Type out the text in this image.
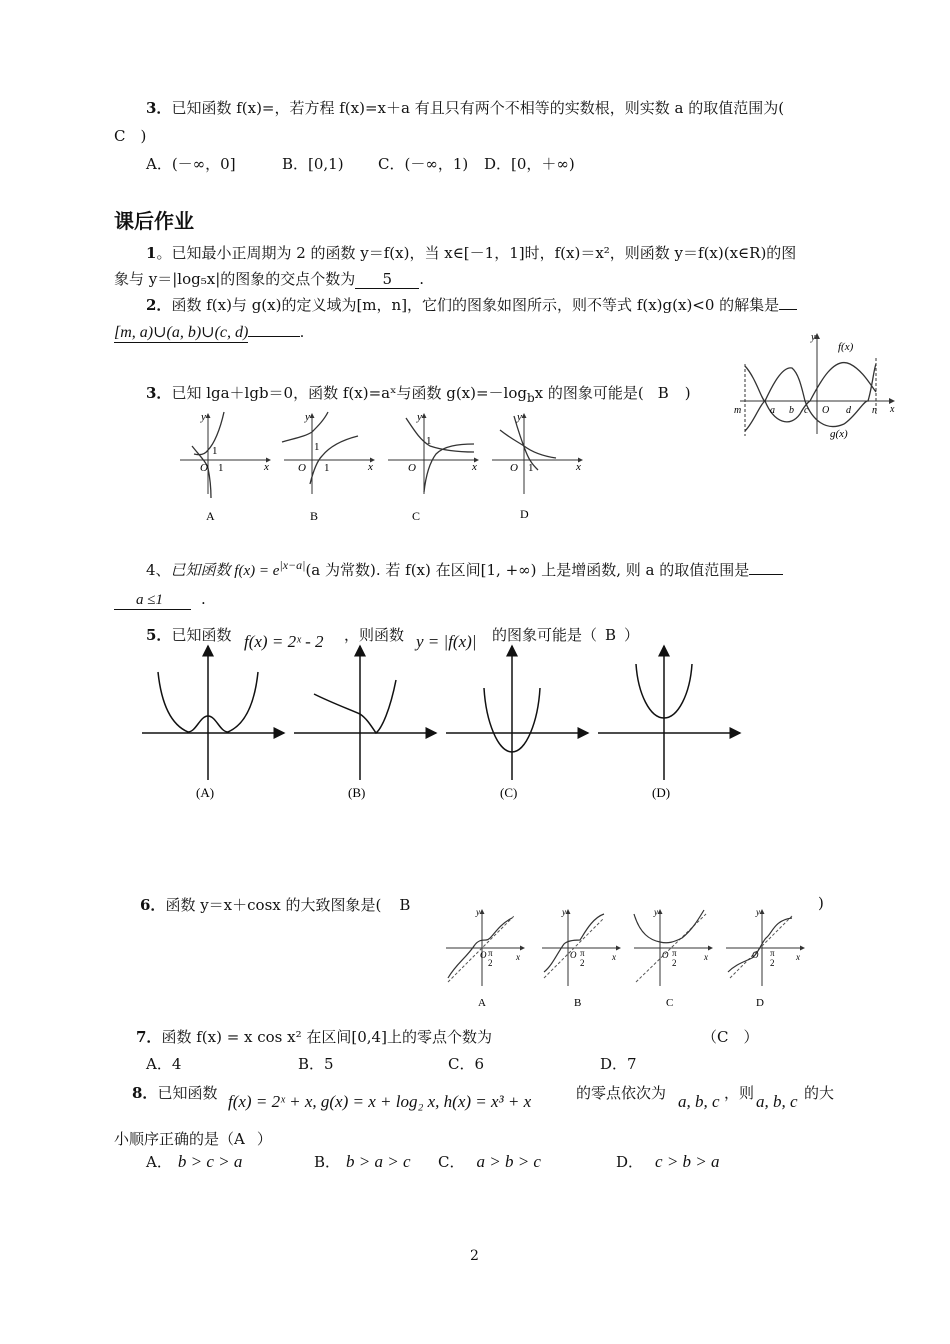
3．已知函数 f(x)=，若方程 f(x)=x＋a 有且只有两个不相等的实数根，则实数 a 的取值范围为(
C　)
A．(－∞，0]	B．[0,1) C．(－∞，1) D．[0，＋∞)
课后作业
1。已知最小正周期为 2 的函数 y＝f(x)，当 x∈[－1，1]时，f(x)＝x²，则函数 y＝f(x)(x∈R)的图
象与 y＝|log₅x|的图象的交点个数为 5 .
2．函数 f(x)与 g(x)的定义域为[m，n]，它们的图象如图所示，则不等式 f(x)g(x)<0 的解集是
[m, a)∪(a, b)∪(c, d)	.
f(x)
g(x)
y
x
m	a b c O d n
3．已知 lga＋lgb＝0，函数 f(x)=aˣ与函数 $g(x)=-\log_bx$ 的图象可能是( B )
y
x
O
1
1
A
y
x
O
1
1
B
y
x
O
1
C
y
x
O 1
D
4、已知函数 $f(x) = e^{|x-a|}(a$ 为常数). 若 f(x) 在区间[1, +∞) 上是增函数, 则 a 的取值范围是
a ≤1	.
5．已知函数 f(x) = 2ˣ - 2 ，则函数 y = |f(x)| 的图象可能是（ B ）
(A)	(B)	(C)	(D)
6．函数 y＝x＋cosx 的大致图象是( B	)
y
x
O π
2
A
y
x
O π
2
B
y
x
O π
2
C
y
x
O π
2
D
7．函数 f(x) = x cos x² 在区间[0,4]上的零点个数为	（C　）
A．4	B．5	C．6	D．7
8．已知函数 f(x) = 2ˣ + x, g(x) = x + log₂ x, h(x) = x³ + x	的零点依次为 a, b, c ，则 a, b, c 的大
小顺序正确的是（A ）
A． b > c > a	B． b > a > c C． a > b > c	D． c > b > a
2
